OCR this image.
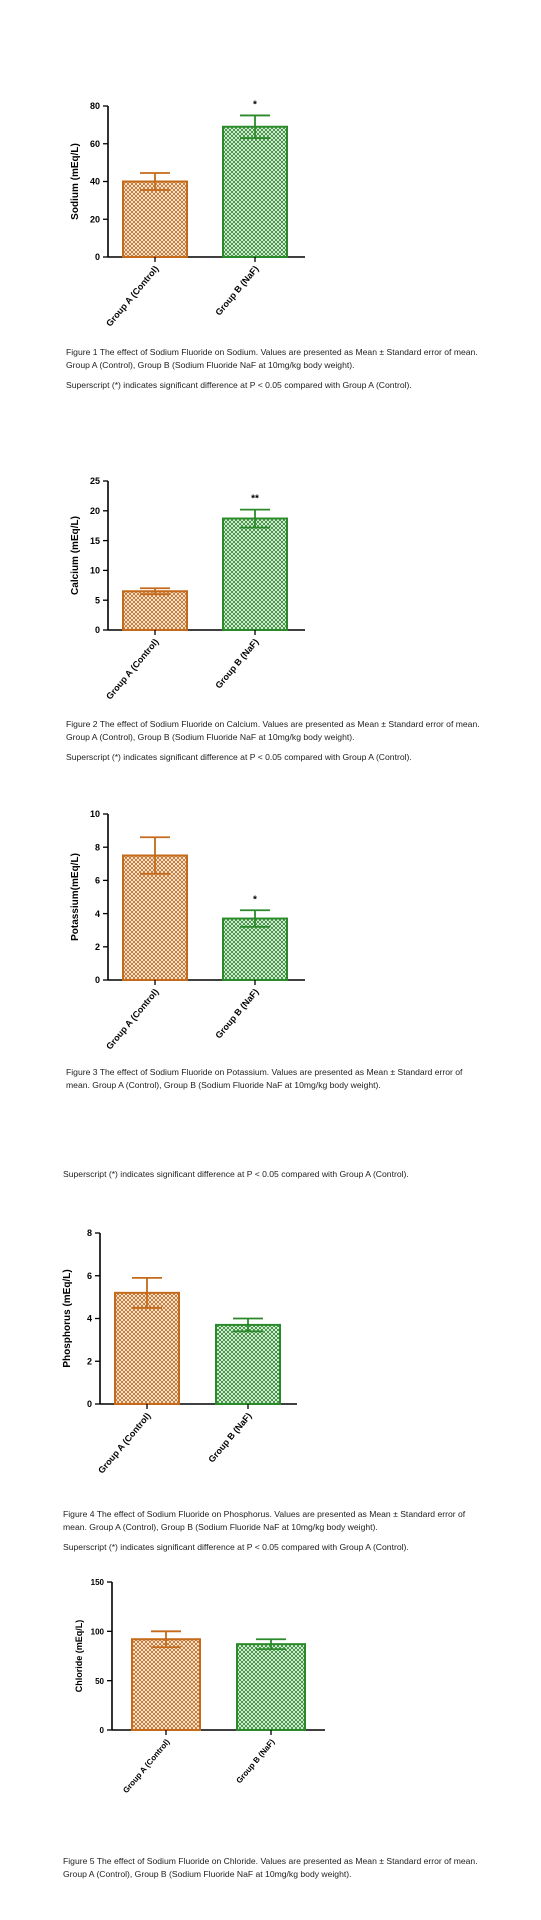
0
20
40
60
80
Sodium (mEq/L)
Group A (Control)
*
Group B (NaF)
Figure 1 The effect of Sodium Fluoride on Sodium. Values are presented as Mean ± Standard error of mean. Group A (Control), Group B (Sodium Fluoride NaF at 10mg/kg body weight).
Superscript (*) indicates significant difference at P < 0.05 compared with Group A (Control).
0
5
10
15
20
25
Calcium (mEq/L)
Group A (Control)
**
Group B (NaF)
Figure 2 The effect of Sodium Fluoride on Calcium. Values are presented as Mean ± Standard error of mean. Group A (Control), Group B (Sodium Fluoride NaF at 10mg/kg body weight).
Superscript (*) indicates significant difference at P < 0.05 compared with Group A (Control).
0
2
4
6
8
10
Potassium(mEq/L)
Group A (Control)
*
Group B (NaF)
Figure 3 The effect of Sodium Fluoride on Potassium. Values are presented as Mean ± Standard error of mean. Group A (Control), Group B (Sodium Fluoride NaF at 10mg/kg body weight).
Superscript (*) indicates significant difference at P < 0.05 compared with Group A (Control).
0
2
4
6
8
Phosphorus (mEq/L)
Group A (Control)	Group B (NaF)
Figure 4 The effect of Sodium Fluoride on Phosphorus. Values are presented as Mean ± Standard error of mean. Group A (Control), Group B (Sodium Fluoride NaF at 10mg/kg body weight).
Superscript (*) indicates significant difference at P < 0.05 compared with Group A (Control).
0
50
100
150
Chloride (mEq/L)
Group A (Control)	Group B (NaF)
Figure 5 The effect of Sodium Fluoride on Chloride. Values are presented as Mean ± Standard error of mean. Group A (Control), Group B (Sodium Fluoride NaF at 10mg/kg body weight).
